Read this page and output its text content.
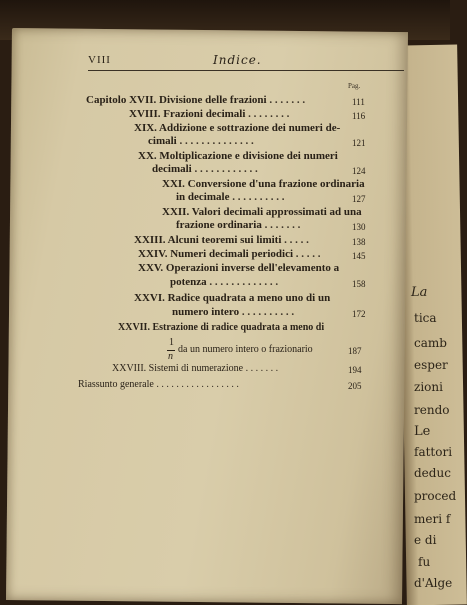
La
tica
camb
esper
zioni
rendo
Le
fattori
deduc
proced
meri f
e di
fu
d'Alge
VIII	Indice.
Pag.
Capitolo XVII. Divisione delle frazioni . . . . . . .	111
XVIII. Frazioni decimali . . . . . . . .	116
XIX. Addizione e sottrazione dei numeri de-
cimali . . . . . . . . . . . . . .	121
XX. Moltiplicazione e divisione dei numeri
decimali . . . . . . . . . . . .	124
XXI. Conversione d'una frazione ordinaria
in decimale . . . . . . . . . .	127
XXII. Valori decimali approssimati ad una
frazione ordinaria . . . . . . .	130
XXIII. Alcuni teoremi sui limiti . . . . .	138
XXIV. Numeri decimali periodici . . . . .	145
XXV. Operazioni inverse dell'elevamento a
potenza . . . . . . . . . . . . .	158
XXVI. Radice quadrata a meno uno di un
numero intero . . . . . . . . . .	172
XXVII. Estrazione di radice quadrata a meno di
1
n
da un numero intero o frazionario	187
XXVIII. Sistemi di numerazione . . . . . . .	194
Riassunto generale . . . . . . . . . . . . . . . . .	205
